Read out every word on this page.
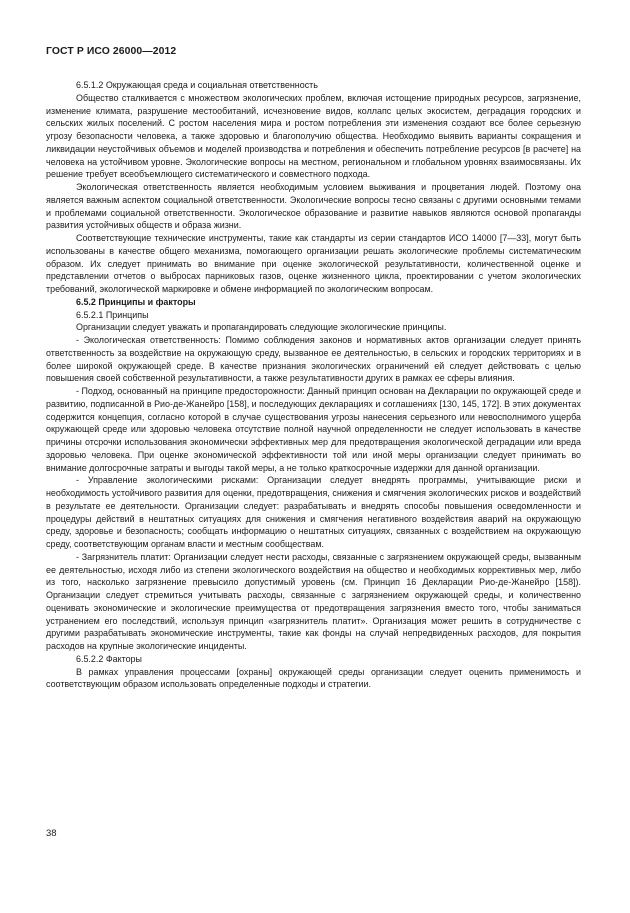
ГОСТ Р ИСО 26000—2012

6.5.1.2 Окружающая среда и социальная ответственность

Общество сталкивается с множеством экологических проблем, включая истощение природных ресурсов, загрязнение, изменение климата, разрушение местообитаний, исчезновение видов, коллапс целых экосистем, деградация городских и сельских жилых поселений. С ростом населения мира и ростом потребления эти изменения создают все более серьезную угрозу безопасности человека, а также здоровью и благополучию общества. Необходимо выявить варианты сокращения и ликвидации неустойчивых объемов и моделей производства и потребления и обеспечить потребление ресурсов [в расчете] на человека на устойчивом уровне. Экологические вопросы на местном, региональном и глобальном уровнях взаимосвязаны. Их решение требует всеобъемлющего систематического и совместного подхода.

Экологическая ответственность является необходимым условием выживания и процветания людей. Поэтому она является важным аспектом социальной ответственности. Экологические вопросы тесно связаны с другими основными темами и проблемами социальной ответственности. Экологическое образование и развитие навыков являются основой пропаганды развития устойчивых обществ и образа жизни.

Соответствующие технические инструменты, такие как стандарты из серии стандартов ИСО 14000 [7—33], могут быть использованы в качестве общего механизма, помогающего организации решать экологические проблемы систематическим образом. Их следует принимать во внимание при оценке экологической результативности, количественной оценке и представлении отчетов о выбросах парниковых газов, оценке жизненного цикла, проектировании с учетом экологических требований, экологической маркировке и обмене информацией по экологическим вопросам.

6.5.2 Принципы и факторы

6.5.2.1 Принципы

Организации следует уважать и пропагандировать следующие экологические принципы.

- Экологическая ответственность: Помимо соблюдения законов и нормативных актов организации следует принять ответственность за воздействие на окружающую среду, вызванное ее деятельностью, в сельских и городских территориях и в более широкой окружающей среде. В качестве признания экологических ограничений ей следует действовать с целью повышения своей собственной результативности, а также результативности других в рамках ее сферы влияния.

- Подход, основанный на принципе предосторожности: Данный принцип основан на Декларации по окружающей среде и развитию, подписанной в Рио-де-Жанейро [158], и последующих декларациях и соглашениях [130, 145, 172]. В этих документах содержится концепция, согласно которой в случае существования угрозы нанесения серьезного или невосполнимого ущерба окружающей среде или здоровью человека отсутствие полной научной определенности не следует использовать в качестве причины отсрочки использования экономически эффективных мер для предотвращения экологической деградации или вреда здоровью человека. При оценке экономической эффективности той или иной меры организации следует принимать во внимание долгосрочные затраты и выгоды такой меры, а не только краткосрочные издержки для данной организации.

- Управление экологическими рисками: Организации следует внедрять программы, учитывающие риски и необходимость устойчивого развития для оценки, предотвращения, снижения и смягчения экологических рисков и воздействий в результате ее деятельности. Организации следует: разрабатывать и внедрять способы повышения осведомленности и процедуры действий в нештатных ситуациях для снижения и смягчения негативного воздействия аварий на окружающую среду, здоровье и безопасность; сообщать информацию о нештатных ситуациях, связанных с воздействием на окружающую среду, соответствующим органам власти и местным сообществам.

- Загрязнитель платит: Организации следует нести расходы, связанные с загрязнением окружающей среды, вызванным ее деятельностью, исходя либо из степени экологического воздействия на общество и необходимых коррективных мер, либо из того, насколько загрязнение превысило допустимый уровень (см. Принцип 16 Декларации Рио-де-Жанейро [158]). Организации следует стремиться учитывать расходы, связанные с загрязнением окружающей среды, и количественно оценивать экономические и экологические преимущества от предотвращения загрязнения вместо того, чтобы заниматься устранением его последствий, используя принцип «загрязнитель платит». Организация может решить в сотрудничестве с другими разрабатывать экономические инструменты, такие как фонды на случай непредвиденных расходов, для покрытия расходов на крупные экологические инциденты.

6.5.2.2 Факторы

В рамках управления процессами [охраны] окружающей среды организации следует оценить применимость и соответствующим образом использовать определенные подходы и стратегии.

38
